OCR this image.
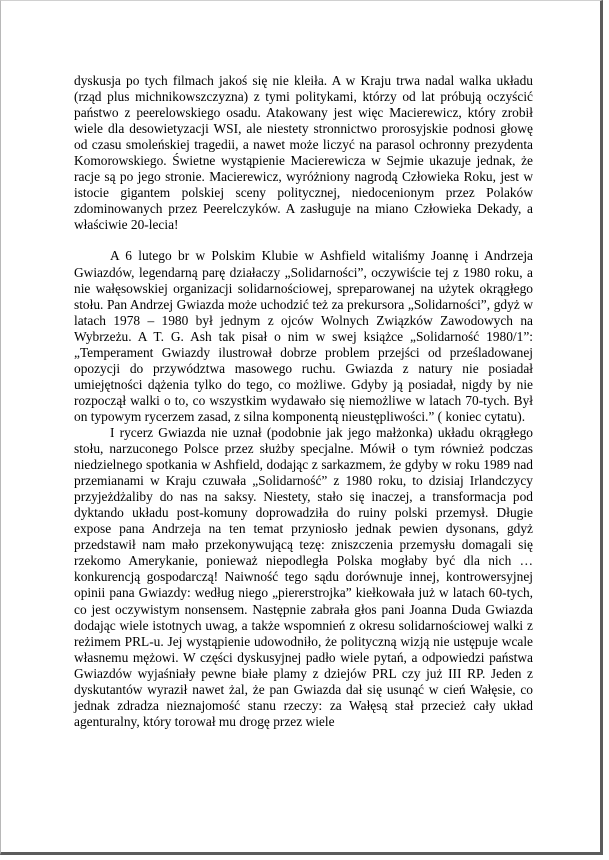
dyskusja po tych filmach jakoś się nie kleiła. A w Kraju trwa nadal walka układu (rząd plus michnikowszczyzna) z tymi politykami, którzy od lat próbują oczyścić państwo z peerelowskiego osadu. Atakowany jest więc Macierewicz, który zrobił wiele dla desowietyzacji WSI, ale niestety stronnictwo prorosyjskie podnosi głowę od czasu smoleńskiej tragedii, a nawet może liczyć na parasol ochronny prezydenta Komorowskiego. Świetne wystąpienie Macierewicza w Sejmie ukazuje jednak, że racje są po jego stronie. Macierewicz, wyróżniony nagrodą Człowieka Roku, jest w istocie gigantem polskiej sceny politycznej, niedocenionym przez Polaków zdominowanych przez Peerelczyków. A zasługuje na miano Człowieka Dekady, a właściwie 20-lecia!

A 6 lutego br w Polskim Klubie w Ashfield witaliśmy Joannę i Andrzeja Gwiazdów, legendarną parę działaczy „Solidarności”, oczywiście tej z 1980 roku, a nie wałęsowskiej organizacji solidarnościowej, spreparowanej na użytek okrągłego stołu. Pan Andrzej Gwiazda może uchodzić też za prekursora „Solidarności”, gdyż w latach 1978 – 1980 był jednym z ojców Wolnych Związków Zawodowych na Wybrzeżu. A T. G. Ash tak pisał o nim w swej książce „Solidarność 1980/1”: „Temperament Gwiazdy ilustrował dobrze problem przejści od prześladowanej opozycji do przywództwa masowego ruchu. Gwiazda z natury nie posiadał umiejętności dążenia tylko do tego, co możliwe. Gdyby ją posiadał, nigdy by nie rozpoczął walki o to, co wszystkim wydawało się niemożliwe w latach 70-tych. Był on typowym rycerzem zasad, z silna komponentą nieustępliwości.” ( koniec cytatu).

I rycerz Gwiazda nie uznał (podobnie jak jego małżonka) układu okrągłego stołu, narzuconego Polsce przez służby specjalne. Mówił o tym również podczas niedzielnego spotkania w Ashfield, dodając z sarkazmem, że gdyby w roku 1989 nad przemianami w Kraju czuwała „Solidarność” z 1980 roku, to dzisiaj Irlandczycy przyjeżdżaliby do nas na saksy. Niestety, stało się inaczej, a transformacja pod dyktando układu post-komuny doprowadziła do ruiny polski przemysł. Długie expose pana Andrzeja na ten temat przyniosło jednak pewien dysonans, gdyż przedstawił nam mało przekonywującą tezę: zniszczenia przemysłu domagali się rzekomo Amerykanie, ponieważ niepodległa Polska mogłaby być dla nich … konkurencją gospodarczą! Naiwność tego sądu dorównuje innej, kontrowersyjnej opinii pana Gwiazdy: według niego „piererstrojka” kiełkowała już w latach 60-tych, co jest oczywistym nonsensem. Następnie zabrała głos pani Joanna Duda Gwiazda dodając wiele istotnych uwag, a także wspomnień z okresu solidarnościowej walki z reżimem PRL-u. Jej wystąpienie udowodniło, że polityczną wizją nie ustępuje wcale własnemu mężowi. W części dyskusyjnej padło wiele pytań, a odpowiedzi państwa Gwiazdów wyjaśniały pewne białe plamy z dziejów PRL czy już III RP. Jeden z dyskutantów wyraził nawet żal, że pan Gwiazda dał się usunąć w cień Wałęsie, co jednak zdradza nieznajomość stanu rzeczy: za Wałęsą stał przecież cały układ agenturalny, który torował mu drogę przez wiele
